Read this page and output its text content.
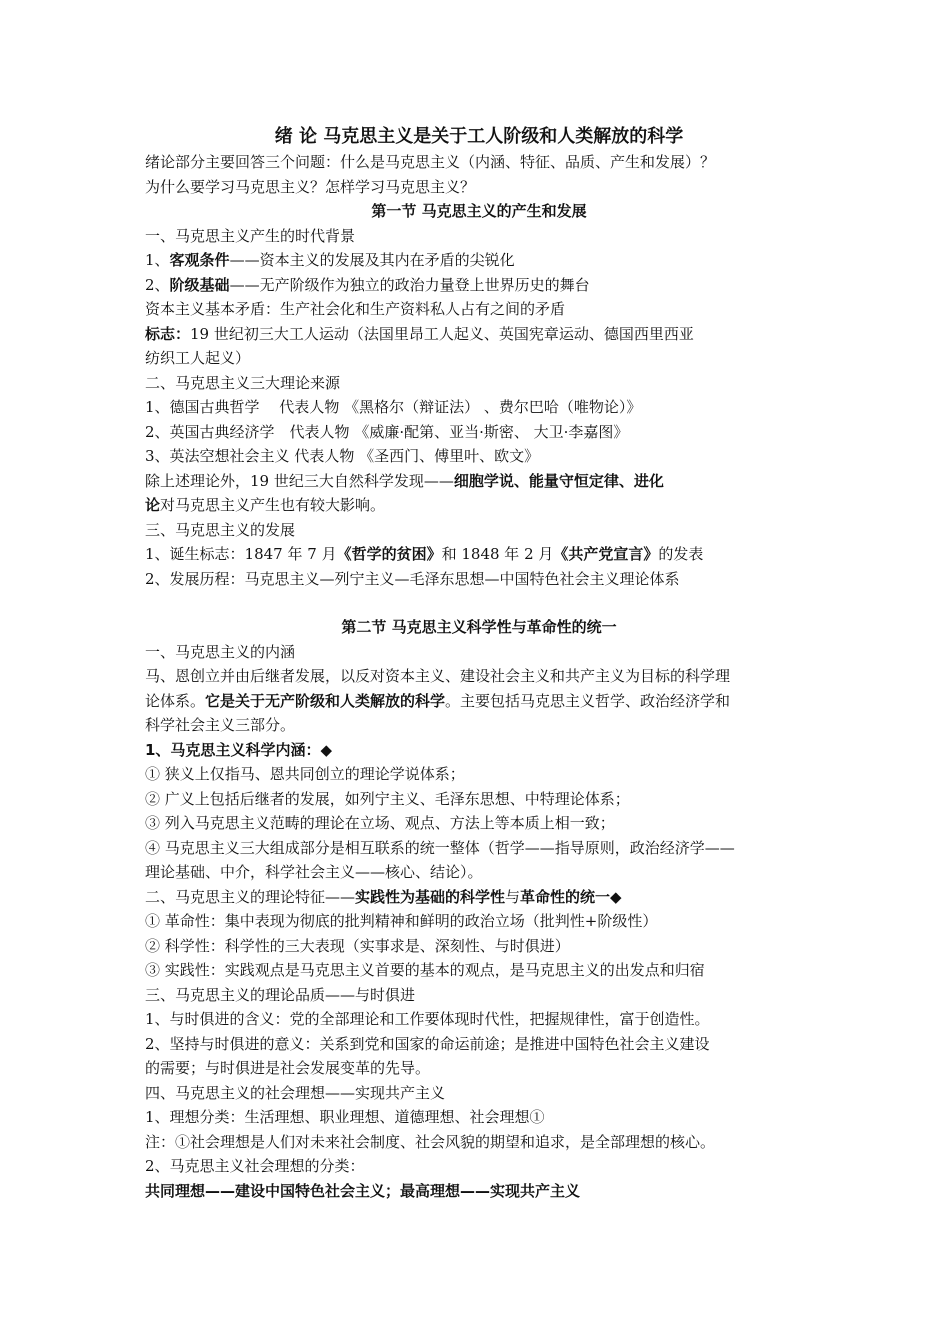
绪 论 马克思主义是关于工人阶级和人类解放的科学
绪论部分主要回答三个问题：什么是马克思主义（内涵、特征、品质、产生和发展）？
为什么要学习马克思主义？怎样学习马克思主义？
第一节 马克思主义的产生和发展
一、马克思主义产生的时代背景
1、客观条件——资本主义的发展及其内在矛盾的尖锐化
2、阶级基础——无产阶级作为独立的政治力量登上世界历史的舞台
资本主义基本矛盾：生产社会化和生产资料私人占有之间的矛盾
标志：19 世纪初三大工人运动（法国里昂工人起义、英国宪章运动、德国西里西亚
纺织工人起义）
二、马克思主义三大理论来源
1、德国古典哲学　 代表人物 《黑格尔（辩证法） 、费尔巴哈（唯物论）》
2、英国古典经济学　代表人物 《威廉·配第、亚当·斯密、 大卫·李嘉图》
3、英法空想社会主义 代表人物 《圣西门、傅里叶、欧文》
除上述理论外，19 世纪三大自然科学发现——细胞学说、能量守恒定律、进化
论对马克思主义产生也有较大影响。
三、马克思主义的发展
1、诞生标志：1847 年 7 月《哲学的贫困》和 1848 年 2 月《共产党宣言》的发表
2、发展历程：马克思主义—列宁主义—毛泽东思想—中国特色社会主义理论体系
第二节 马克思主义科学性与革命性的统一
一、马克思主义的内涵
马、恩创立并由后继者发展，以反对资本主义、建设社会主义和共产主义为目标的科学理
论体系。它是关于无产阶级和人类解放的科学。主要包括马克思主义哲学、政治经济学和
科学社会主义三部分。
1、马克思主义科学内涵：◆
① 狭义上仅指马、恩共同创立的理论学说体系；
② 广义上包括后继者的发展，如列宁主义、毛泽东思想、中特理论体系；
③ 列入马克思主义范畴的理论在立场、观点、方法上等本质上相一致；
④ 马克思主义三大组成部分是相互联系的统一整体（哲学——指导原则，政治经济学——
理论基础、中介，科学社会主义——核心、结论）。
二、马克思主义的理论特征——实践性为基础的科学性与革命性的统一◆
① 革命性：集中表现为彻底的批判精神和鲜明的政治立场（批判性+阶级性）
② 科学性：科学性的三大表现（实事求是、深刻性、与时俱进）
③ 实践性：实践观点是马克思主义首要的基本的观点，是马克思主义的出发点和归宿
三、马克思主义的理论品质——与时俱进
1、与时俱进的含义：党的全部理论和工作要体现时代性，把握规律性，富于创造性。
2、坚持与时俱进的意义：关系到党和国家的命运前途；是推进中国特色社会主义建设
的需要；与时俱进是社会发展变革的先导。
四、马克思主义的社会理想——实现共产主义
1、理想分类：生活理想、职业理想、道德理想、社会理想①
注：①社会理想是人们对未来社会制度、社会风貌的期望和追求，是全部理想的核心。
2、马克思主义社会理想的分类：
共同理想——建设中国特色社会主义；最高理想——实现共产主义
